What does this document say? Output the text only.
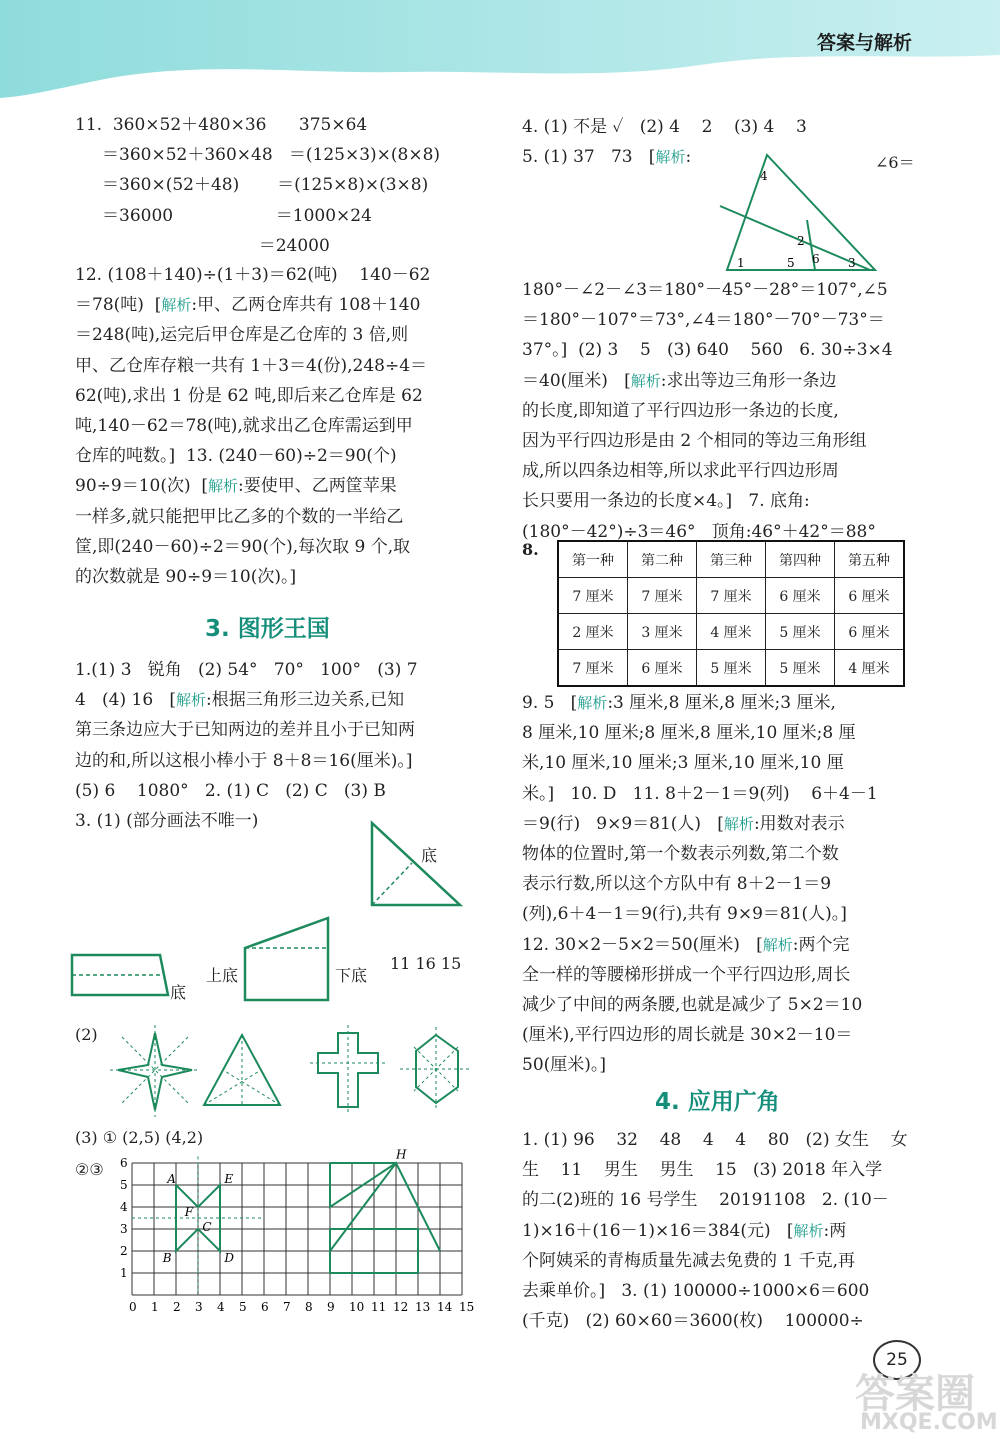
答案与解析

11.  360×52＋480×36      375×64

＝360×52＋360×48   ＝(125×3)×(8×8)

＝360×(52＋48)       ＝(125×8)×(3×8)

＝36000                   ＝1000×24

＝24000

12. (108＋140)÷(1＋3)＝62(吨)    140－62

＝78(吨)  [解析:甲、乙两仓库共有 108＋140

＝248(吨),运完后甲仓库是乙仓库的 3 倍,则

甲、乙仓库存粮一共有 1＋3＝4(份),248÷4＝

62(吨),求出 1 份是 62 吨,即后来乙仓库是 62

吨,140－62＝78(吨),就求出乙仓库需运到甲

仓库的吨数。]  13. (240－60)÷2＝90(个)

90÷9＝10(次)  [解析:要使甲、乙两筐苹果

一样多,就只能把甲比乙多的个数的一半给乙

筐,即(240－60)÷2＝90(个),每次取 9 个,取

的次数就是 90÷9＝10(次)。]

3. 图形王国

1.(1) 3   锐角   (2) 54°   70°   100°   (3) 7

4   (4) 16   [解析:根据三角形三边关系,已知

第三条边应大于已知两边的差并且小于已知两

边的和,所以这根小棒小于 8＋8＝16(厘米)。]

(5) 6    1080°   2. (1) C   (2) C   (3) B

3. (1) (部分画法不唯一)

底
底
上底	下底
11 16 15
(2)
(3) ① (2,5) (4,2)
②③
0 1 2 3 4 5 6 7 8 9 10 11 12 13 14 15
1
2
3
4
5
6
A	E
F
C
B	D
H

4. (1) 不是 ✓   (2) 4    2    (3) 4    3

5. (1) 37   73   [解析:	∠6＝
4
2
1	5 6 3

180°－∠2－∠3＝180°－45°－28°＝107°,∠5

＝180°－107°＝73°,∠4＝180°－70°－73°＝

37°。]  (2) 3    5   (3) 640    560   6. 30÷3×4

＝40(厘米)   [解析:求出等边三角形一条边

的长度,即知道了平行四边形一条边的长度,

因为平行四边形是由 2 个相同的等边三角形组

成,所以四条边相等,所以求此平行四边形周

长只要用一条边的长度×4。]   7. 底角:

(180°－42°)÷3＝46°   顶角:46°＋42°＝88°

8.
第一种	第二种	第三种	第四种	第五种
7 厘米	7 厘米	7 厘米	6 厘米	6 厘米
2 厘米	3 厘米	4 厘米	5 厘米	6 厘米
7 厘米	6 厘米	5 厘米	5 厘米	4 厘米

9. 5   [解析:3 厘米,8 厘米,8 厘米;3 厘米,

8 厘米,10 厘米;8 厘米,8 厘米,10 厘米;8 厘

米,10 厘米,10 厘米;3 厘米,10 厘米,10 厘

米。]   10. D   11. 8＋2－1＝9(列)    6＋4－1

＝9(行)   9×9＝81(人)   [解析:用数对表示

物体的位置时,第一个数表示列数,第二个数

表示行数,所以这个方队中有 8＋2－1＝9

(列),6＋4－1＝9(行),共有 9×9＝81(人)。]

12. 30×2－5×2＝50(厘米)   [解析:两个完

全一样的等腰梯形拼成一个平行四边形,周长

减少了中间的两条腰,也就是减少了 5×2＝10

(厘米),平行四边形的周长就是 30×2－10＝

50(厘米)。]

4. 应用广角

1. (1) 96    32    48    4    4    80   (2) 女生    女

生    11    男生    男生    15   (3) 2018 年入学

的二(2)班的 16 号学生    20191108   2. (10－

1)×16＋(16－1)×16＝384(元)   [解析:两

个阿姨采的青梅质量先减去免费的 1 千克,再

去乘单价。]   3. (1) 100000÷1000×6＝600

(千克)   (2) 60×60＝3600(枚)    100000÷

25
答案圈
MXQE.COM
